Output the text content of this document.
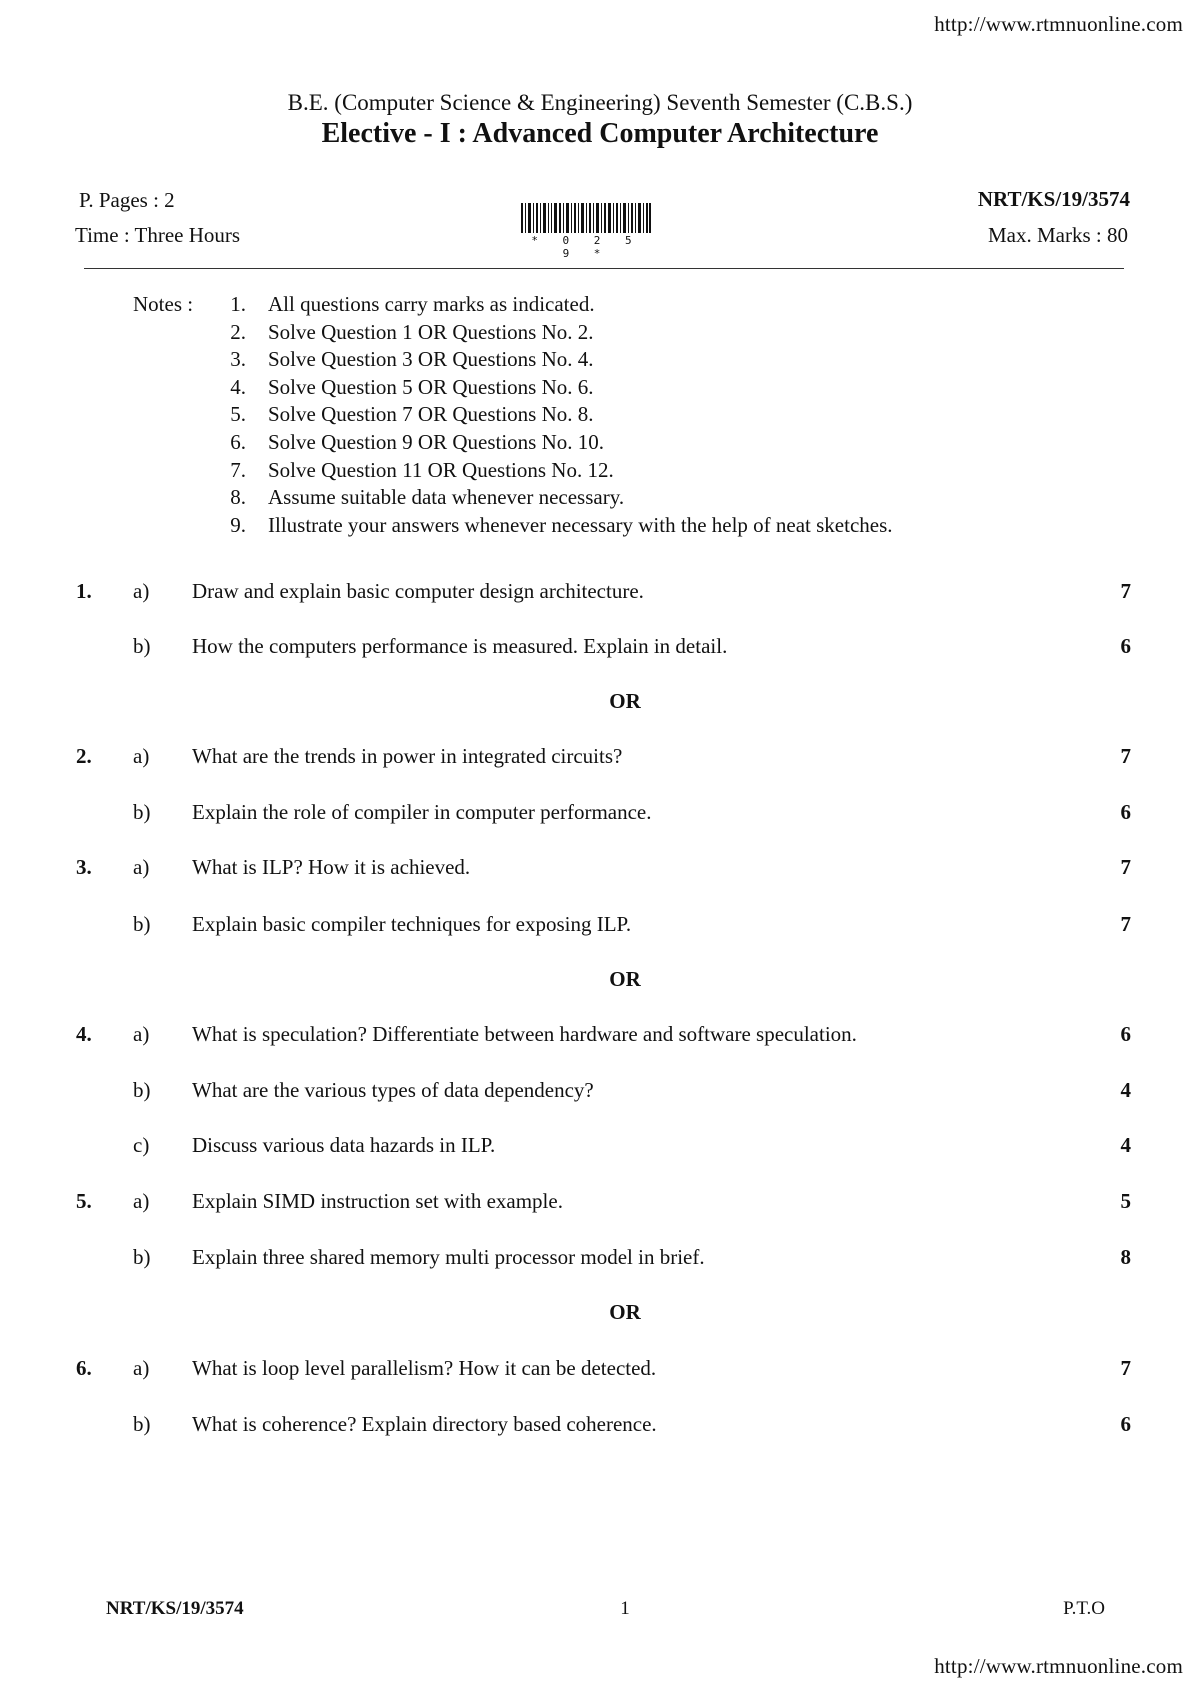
http://www.rtmnuonline.com
B.E. (Computer Science & Engineering) Seventh Semester (C.B.S.)
Elective - I : Advanced Computer Architecture
P. Pages : 2
Time : Three Hours
NRT/KS/19/3574
Max. Marks : 80
* 0 2 5 9 *
Notes :	1. All questions carry marks as indicated.
2. Solve Question 1 OR Questions No. 2.
3. Solve Question 3 OR Questions No. 4.
4. Solve Question 5 OR Questions No. 6.
5. Solve Question 7 OR Questions No. 8.
6. Solve Question 9 OR Questions No. 10.
7. Solve Question 11 OR Questions No. 12.
8. Assume suitable data whenever necessary.
9. Illustrate your answers whenever necessary with the help of neat sketches.
1. a) Draw and explain basic computer design architecture.	7
b) How the computers performance is measured. Explain in detail.	6
2. a) What are the trends in power in integrated circuits?	7
b) Explain the role of compiler in computer performance.	6
3. a) What is ILP? How it is achieved.	7
b) Explain basic compiler techniques for exposing ILP.	7
4. a) What is speculation? Differentiate between hardware and software speculation.	6
b) What are the various types of data dependency?	4
c) Discuss various data hazards in ILP.	4
5. a) Explain SIMD instruction set with example.	5
b) Explain three shared memory multi processor model in brief.	8
6. a) What is loop level parallelism? How it can be detected.	7
b) What is coherence? Explain directory based coherence.	6
OR
OR
OR
NRT/KS/19/3574	1	P.T.O
http://www.rtmnuonline.com
